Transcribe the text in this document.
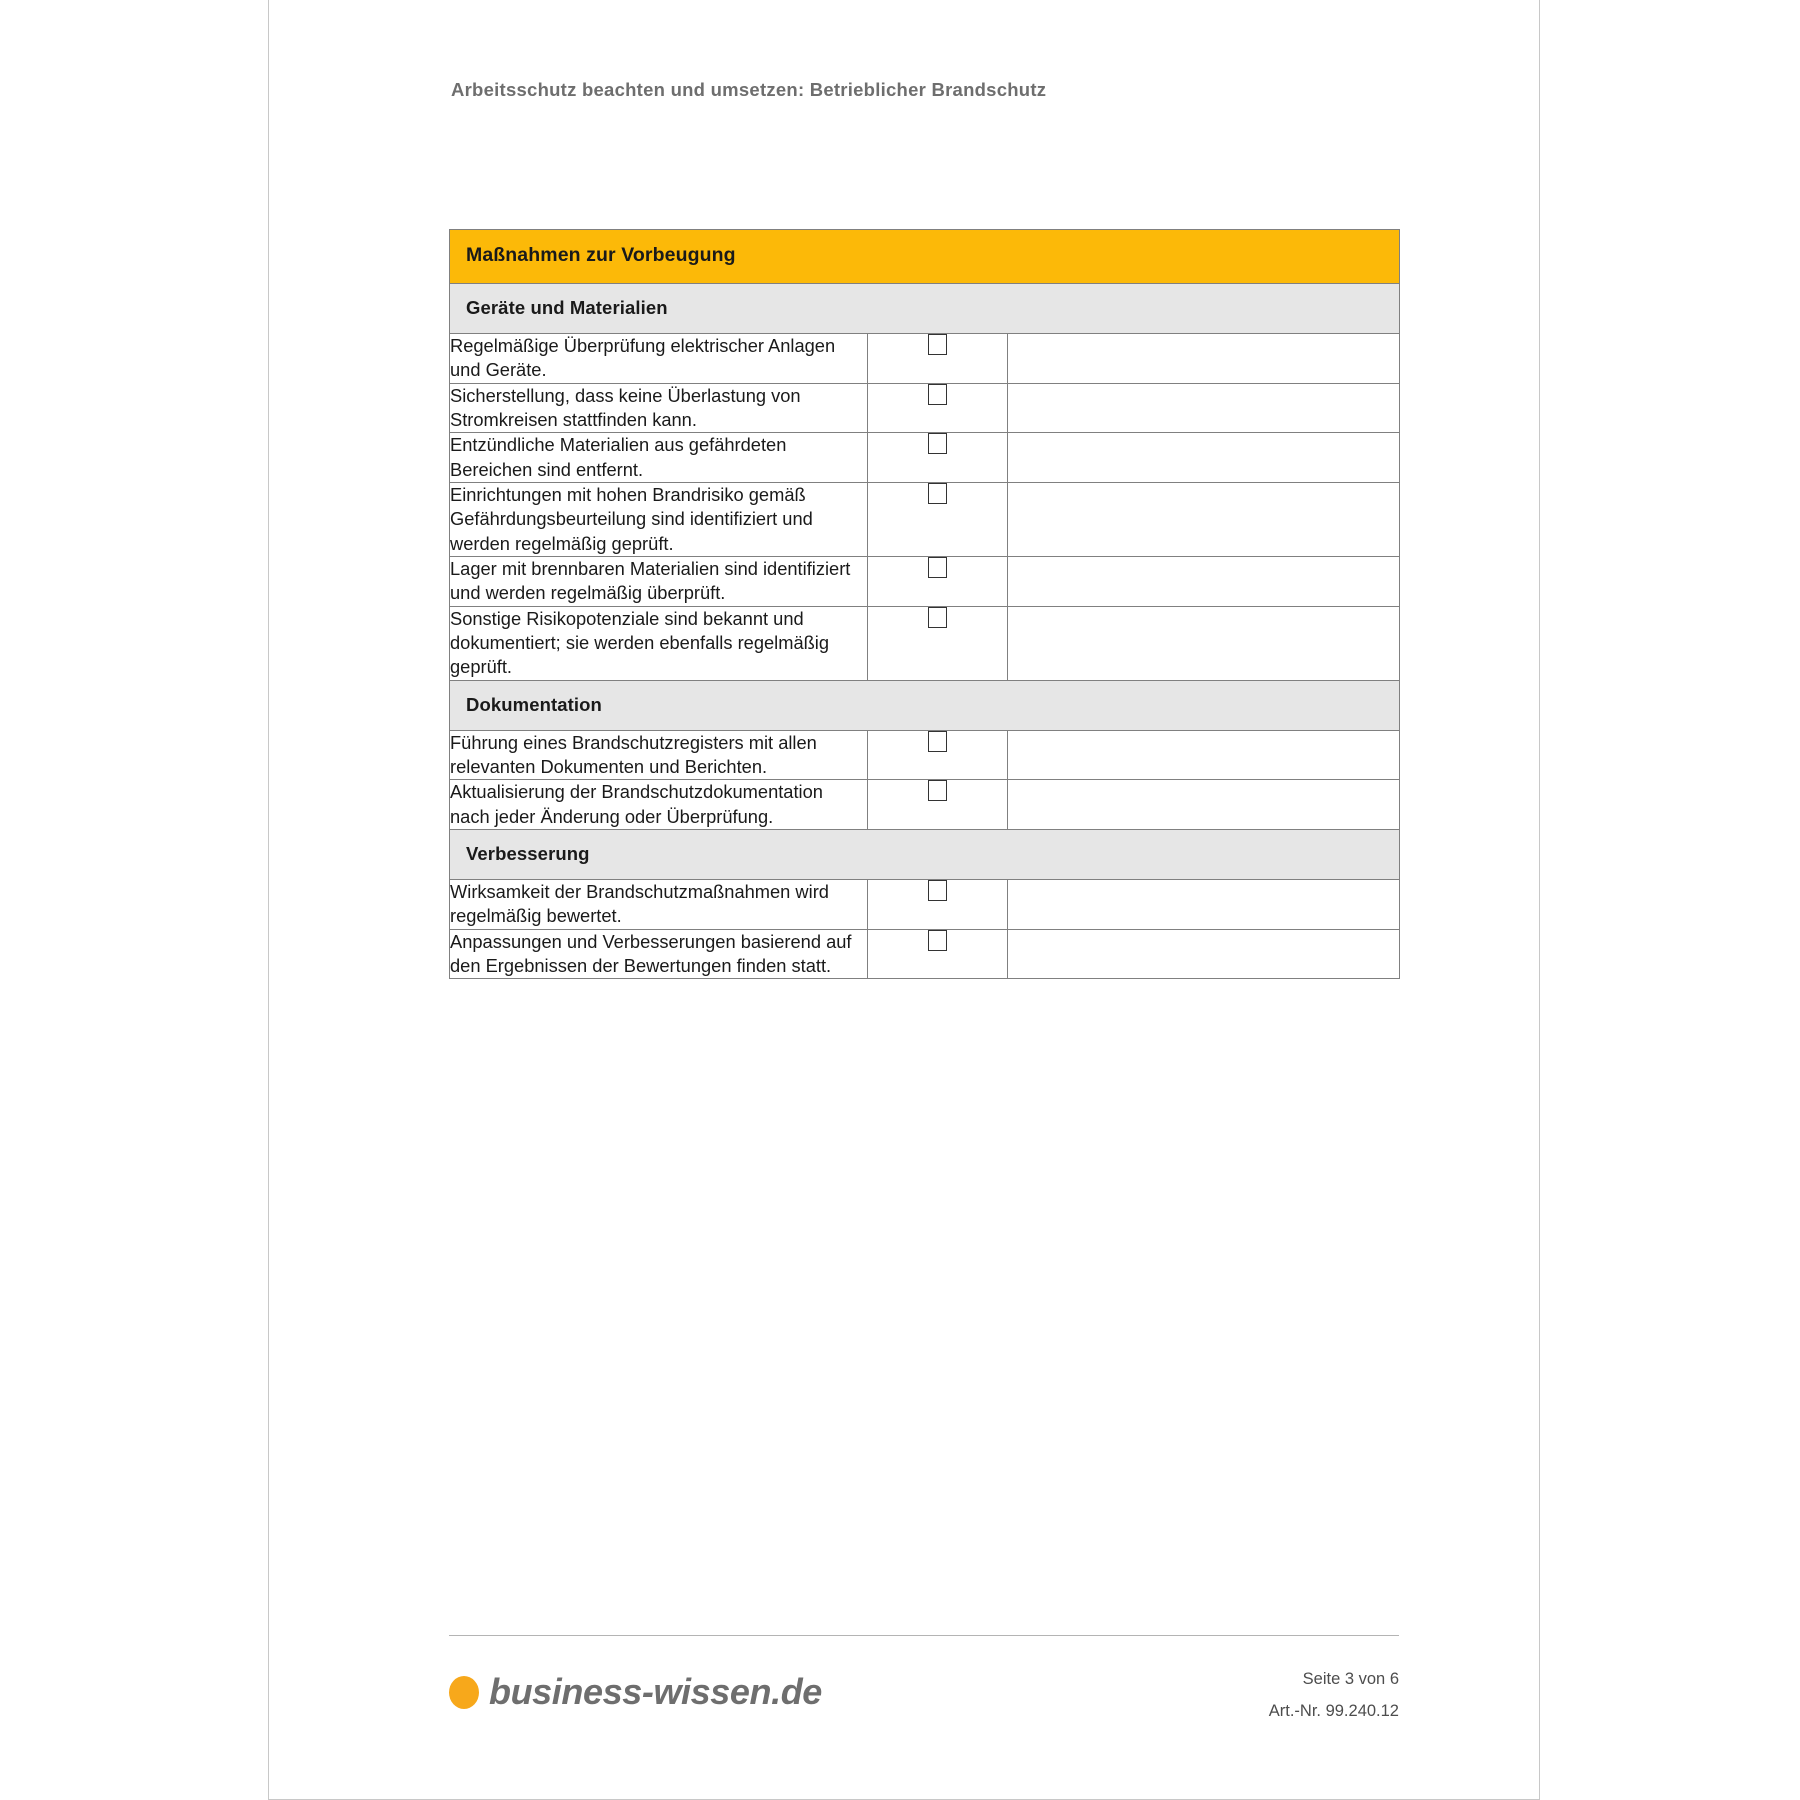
Arbeitsschutz beachten und umsetzen: Betrieblicher Brandschutz
Maßnahmen zur Vorbeugung		
Geräte und Materialien		
Regelmäßige Überprüfung elektrischer Anlagen und Geräte.		
Sicherstellung, dass keine Überlastung von Stromkreisen stattfinden kann.		
Entzündliche Materialien aus gefährdeten Bereichen sind entfernt.		
Einrichtungen mit hohen Brandrisiko gemäß Gefährdungsbeurteilung sind identifiziert und werden regelmäßig geprüft.		
Lager mit brennbaren Materialien sind identifiziert und werden regelmäßig überprüft.		
Sonstige Risikopotenziale sind bekannt und dokumentiert; sie werden ebenfalls regelmäßig geprüft.		
Dokumentation		
Führung eines Brandschutzregisters mit allen relevanten Dokumenten und Berichten.		
Aktualisierung der Brandschutzdokumentation nach jeder Änderung oder Überprüfung.		
Verbesserung		
Wirksamkeit der Brandschutzmaßnahmen wird regelmäßig bewertet.		
Anpassungen und Verbesserungen basierend auf den Ergebnissen der Bewertungen finden statt.		
business-wissen.de	Seite 3 von 6
Art.-Nr. 99.240.12
